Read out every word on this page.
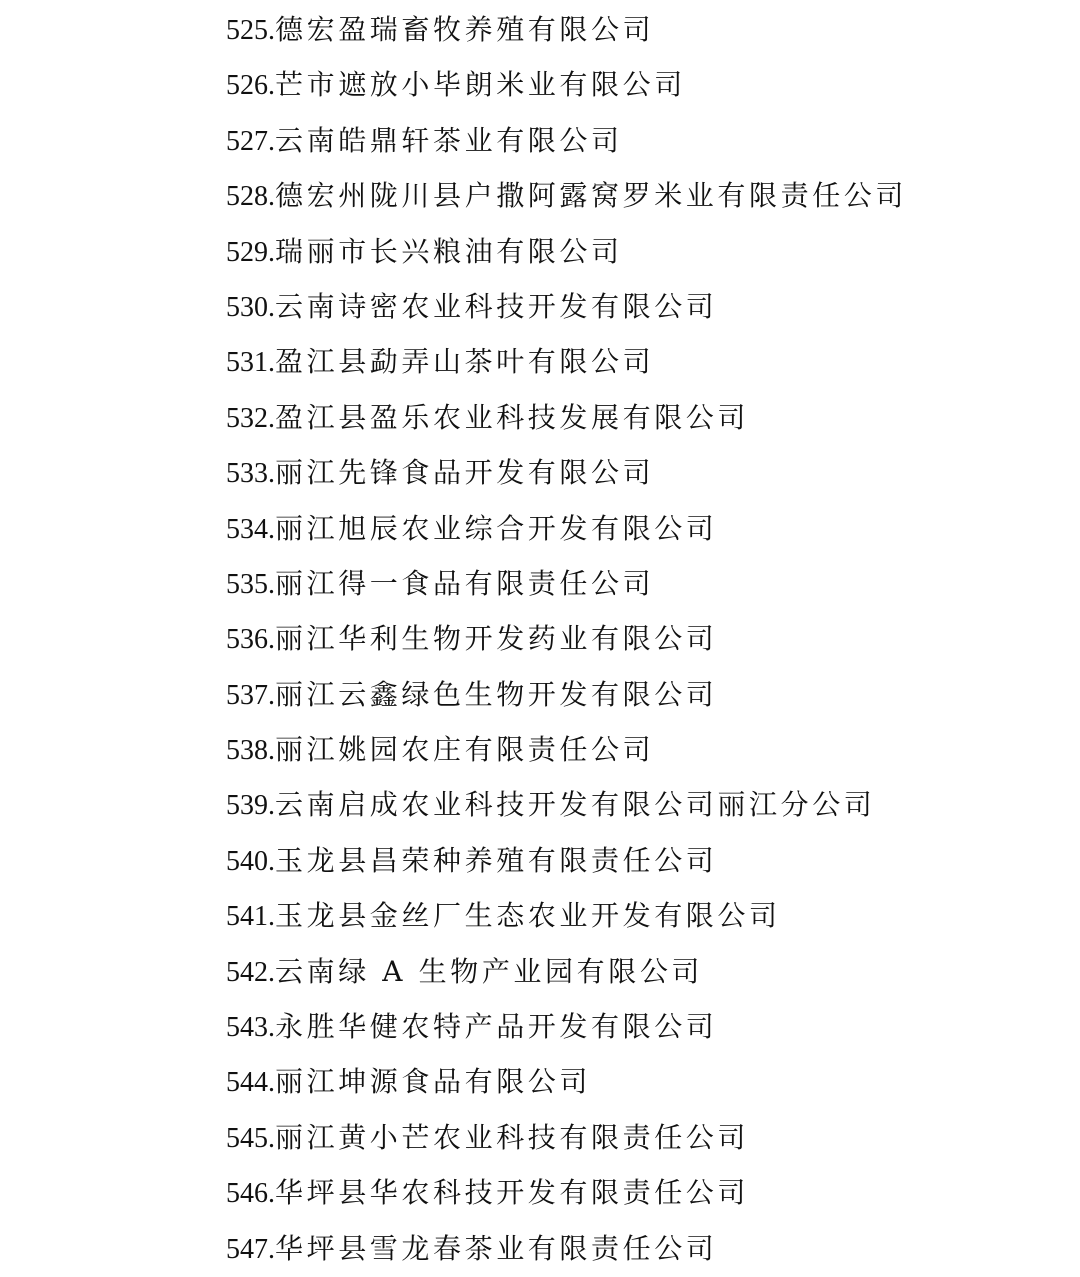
525.德宏盈瑞畜牧养殖有限公司
526.芒市遮放小毕朗米业有限公司
527.云南皓鼎轩茶业有限公司
528.德宏州陇川县户撒阿露窝罗米业有限责任公司
529.瑞丽市长兴粮油有限公司
530.云南诗密农业科技开发有限公司
531.盈江县勐弄山茶叶有限公司
532.盈江县盈乐农业科技发展有限公司
533.丽江先锋食品开发有限公司
534.丽江旭辰农业综合开发有限公司
535.丽江得一食品有限责任公司
536.丽江华利生物开发药业有限公司
537.丽江云鑫绿色生物开发有限公司
538.丽江姚园农庄有限责任公司
539.云南启成农业科技开发有限公司丽江分公司
540.玉龙县昌荣种养殖有限责任公司
541.玉龙县金丝厂生态农业开发有限公司
542.云南绿 A 生物产业园有限公司
543.永胜华健农特产品开发有限公司
544.丽江坤源食品有限公司
545.丽江黄小芒农业科技有限责任公司
546.华坪县华农科技开发有限责任公司
547.华坪县雪龙春茶业有限责任公司
